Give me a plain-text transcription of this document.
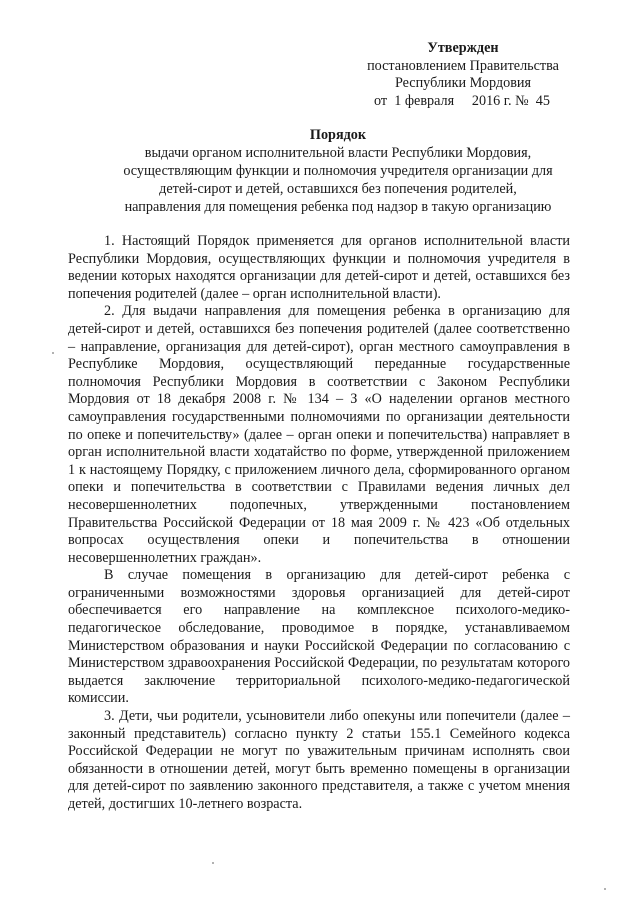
Утвержден
постановлением Правительства
Республики Мордовия
от  1 февраля     2016 г. №  45
Порядок
выдачи органом исполнительной власти Республики Мордовия,
осуществляющим функции и полномочия учредителя организации для
детей-сирот и детей, оставшихся без попечения родителей,
направления для помещения ребенка под надзор в такую организацию

1. Настоящий Порядок применяется для органов исполнительной власти Республики Мордовия, осуществляющих функции и полномочия учредителя в ведении которых находятся организации для детей-сирот и детей, оставшихся без попечения родителей (далее – орган исполнительной власти).

2. Для выдачи направления для помещения ребенка в организацию для детей-сирот и детей, оставшихся без попечения родителей (далее соответственно – направление, организация для детей-сирот), орган местного самоуправления в Республике Мордовия, осуществляющий переданные государственные полномочия Республики Мордовия в соответствии с Законом Республики Мордовия от 18 декабря 2008 г. № 134 – З «О наделении органов местного самоуправления государственными полномочиями по организации деятельности по опеке и попечительству» (далее – орган опеки и попечительства) направляет в орган исполнительной власти ходатайство по форме, утвержденной приложением 1 к настоящему Порядку, с приложением личного дела, сформированного органом опеки и попечительства в соответствии с Правилами ведения личных дел несовершеннолетних подопечных, утвержденными постановлением Правительства Российской Федерации от 18 мая 2009 г. № 423 «Об отдельных вопросах осуществления опеки и попечительства в отношении несовершеннолетних граждан».

В случае помещения в организацию для детей-сирот ребенка с ограниченными возможностями здоровья организацией для детей-сирот обеспечивается его направление на комплексное психолого-медико-педагогическое обследование, проводимое в порядке, устанавливаемом Министерством образования и науки Российской Федерации по согласованию с Министерством здравоохранения Российской Федерации, по результатам которого выдается заключение территориальной психолого-медико-педагогической комиссии.

3. Дети, чьи родители, усыновители либо опекуны или попечители (далее – законный представитель) согласно пункту 2 статьи 155.1 Семейного кодекса Российской Федерации не могут по уважительным причинам исполнять свои обязанности в отношении детей, могут быть временно помещены в организации для детей-сирот по заявлению законного представителя, а также с учетом мнения детей, достигших 10-летнего возраста.
